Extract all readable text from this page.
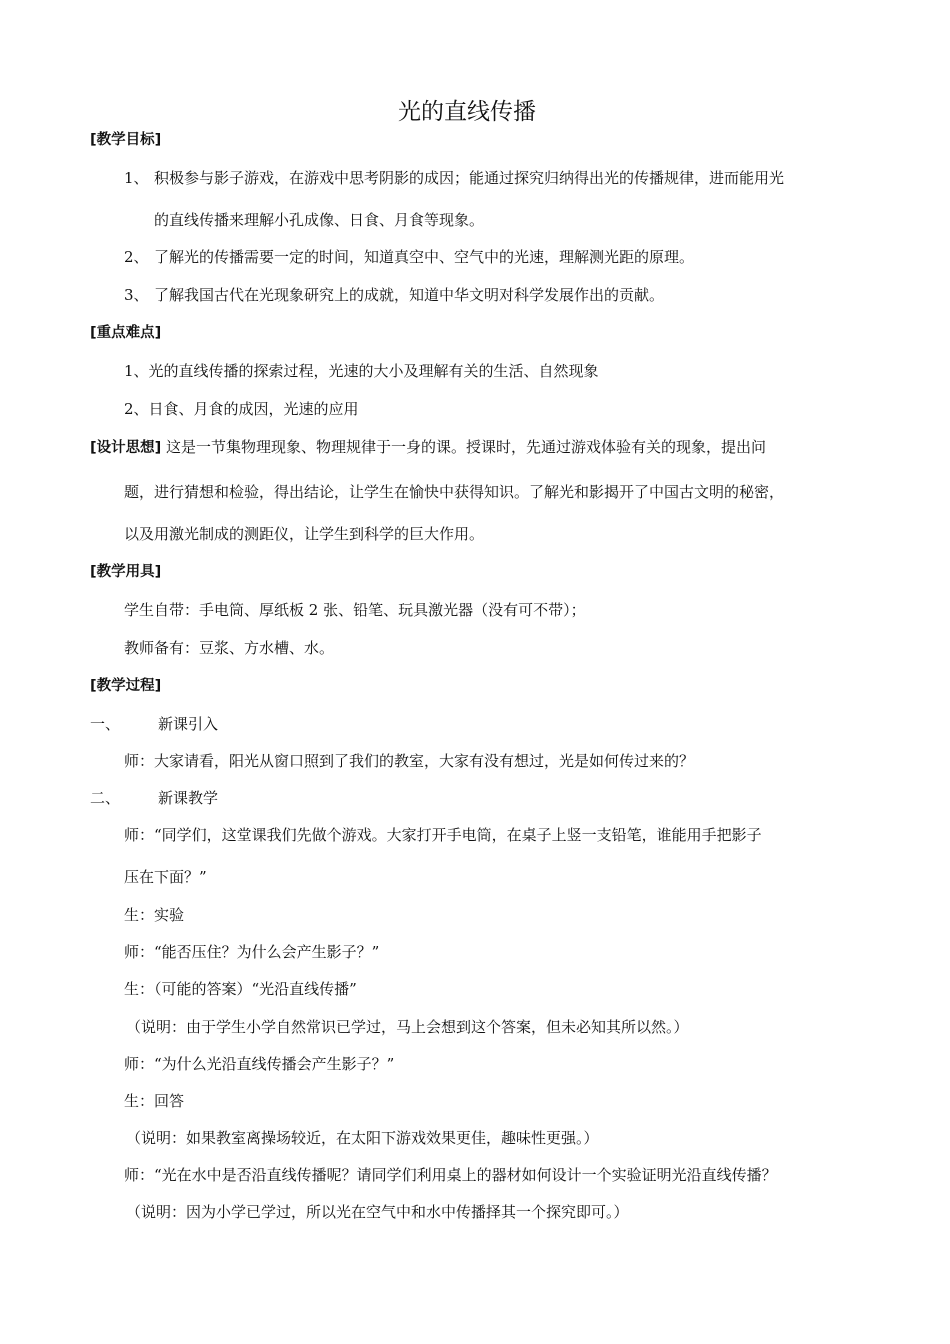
光的直线传播
[教学目标]
1、 积极参与影子游戏，在游戏中思考阴影的成因；能通过探究归纳得出光的传播规律，进而能用光
的直线传播来理解小孔成像、日食、月食等现象。
2、 了解光的传播需要一定的时间，知道真空中、空气中的光速，理解测光距的原理。
3、 了解我国古代在光现象研究上的成就，知道中华文明对科学发展作出的贡献。
[重点难点]
1、光的直线传播的探索过程，光速的大小及理解有关的生活、自然现象
2、日食、月食的成因，光速的应用
[设计思想] 这是一节集物理现象、物理规律于一身的课。授课时，先通过游戏体验有关的现象，提出问
题，进行猜想和检验，得出结论，让学生在愉快中获得知识。了解光和影揭开了中国古文明的秘密，
以及用激光制成的测距仪，让学生到科学的巨大作用。
[教学用具]
学生自带：手电筒、厚纸板 2 张、铅笔、玩具激光器（没有可不带）；
教师备有：豆浆、方水槽、水。
[教学过程]
一、	新课引入
师：大家请看，阳光从窗口照到了我们的教室，大家有没有想过，光是如何传过来的？
二、	新课教学
师：“同学们，这堂课我们先做个游戏。大家打开手电筒，在桌子上竖一支铅笔，谁能用手把影子
压在下面？”
生：实验
师：“能否压住？为什么会产生影子？”
生：（可能的答案）“光沿直线传播”
（说明：由于学生小学自然常识已学过，马上会想到这个答案，但未必知其所以然。）
师：“为什么光沿直线传播会产生影子？”
生：回答
（说明：如果教室离操场较近，在太阳下游戏效果更佳，趣味性更强。）
师：“光在水中是否沿直线传播呢？请同学们利用桌上的器材如何设计一个实验证明光沿直线传播？
（说明：因为小学已学过，所以光在空气中和水中传播择其一个探究即可。）
